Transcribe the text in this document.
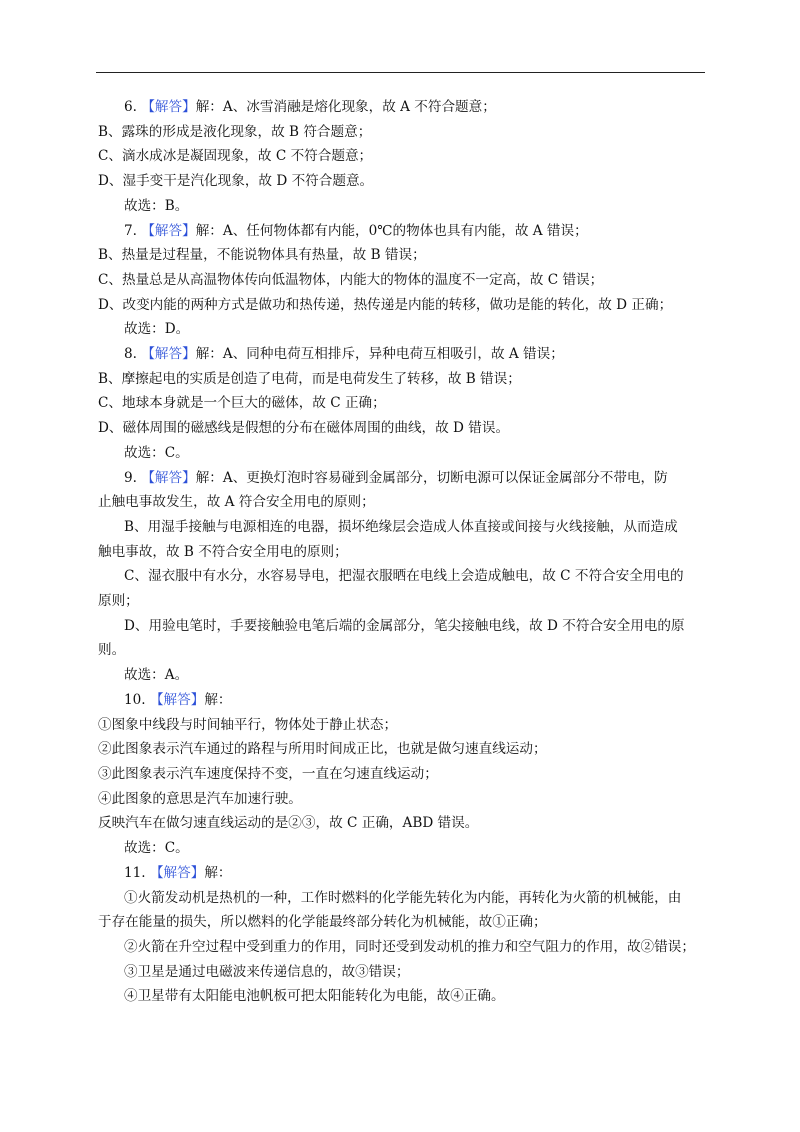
6. 【解答】解：A、冰雪消融是熔化现象，故 A 不符合题意；
B、露珠的形成是液化现象，故 B 符合题意；
C、滴水成冰是凝固现象，故 C 不符合题意；
D、湿手变干是汽化现象，故 D 不符合题意。
故选：B。
7. 【解答】解：A、任何物体都有内能，0℃的物体也具有内能，故 A 错误；
B、热量是过程量，不能说物体具有热量，故 B 错误；
C、热量总是从高温物体传向低温物体，内能大的物体的温度不一定高，故 C 错误；
D、改变内能的两种方式是做功和热传递，热传递是内能的转移，做功是能的转化，故 D 正确；
故选：D。
8. 【解答】解：A、同种电荷互相排斥，异种电荷互相吸引，故 A 错误；
B、摩擦起电的实质是创造了电荷，而是电荷发生了转移，故 B 错误；
C、地球本身就是一个巨大的磁体，故 C 正确；
D、磁体周围的磁感线是假想的分布在磁体周围的曲线，故 D 错误。
故选：C。
9. 【解答】解：A、更换灯泡时容易碰到金属部分，切断电源可以保证金属部分不带电，防
止触电事故发生，故 A 符合安全用电的原则；
B、用湿手接触与电源相连的电器，损坏绝缘层会造成人体直接或间接与火线接触，从而造成
触电事故，故 B 不符合安全用电的原则；
C、湿衣服中有水分，水容易导电，把湿衣服晒在电线上会造成触电，故 C 不符合安全用电的
原则；
D、用验电笔时，手要接触验电笔后端的金属部分，笔尖接触电线，故 D 不符合安全用电的原
则。
故选：A。
10. 【解答】解：
①图象中线段与时间轴平行，物体处于静止状态；
②此图象表示汽车通过的路程与所用时间成正比，也就是做匀速直线运动；
③此图象表示汽车速度保持不变，一直在匀速直线运动；
④此图象的意思是汽车加速行驶。
反映汽车在做匀速直线运动的是②③，故 C 正确，ABD 错误。
故选：C。
11. 【解答】解：
①火箭发动机是热机的一种，工作时燃料的化学能先转化为内能，再转化为火箭的机械能，由
于存在能量的损失，所以燃料的化学能最终部分转化为机械能，故①正确；
②火箭在升空过程中受到重力的作用，同时还受到发动机的推力和空气阻力的作用，故②错误；
③卫星是通过电磁波来传递信息的，故③错误；
④卫星带有太阳能电池帆板可把太阳能转化为电能，故④正确。
